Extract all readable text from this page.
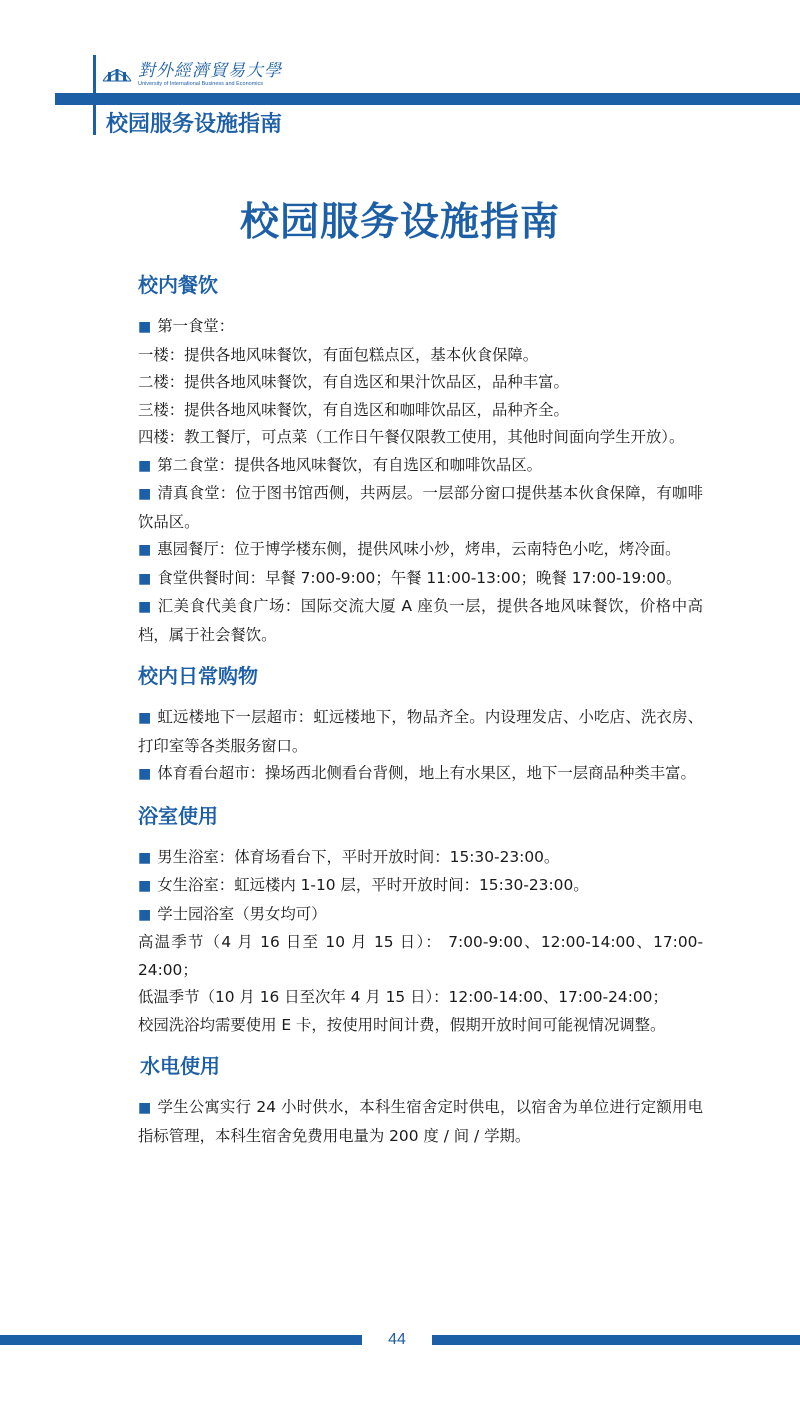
對外經濟貿易大學
University of International Business and Economics
校园服务设施指南
校园服务设施指南
校内餐饮

■ 第一食堂：

一楼：提供各地风味餐饮，有面包糕点区，基本伙食保障。

二楼：提供各地风味餐饮，有自选区和果汁饮品区，品种丰富。

三楼：提供各地风味餐饮，有自选区和咖啡饮品区，品种齐全。

四楼：教工餐厅，可点菜（工作日午餐仅限教工使用，其他时间面向学生开放）。

■ 第二食堂：提供各地风味餐饮，有自选区和咖啡饮品区。

■ 清真食堂：位于图书馆西侧，共两层。一层部分窗口提供基本伙食保障，有咖啡饮品区。

■ 惠园餐厅：位于博学楼东侧，提供风味小炒，烤串，云南特色小吃，烤冷面。

■ 食堂供餐时间：早餐 7:00-9:00；午餐 11:00-13:00；晚餐 17:00-19:00。

■ 汇美食代美食广场：国际交流大厦 A 座负一层，提供各地风味餐饮，价格中高档，属于社会餐饮。

校内日常购物

■ 虹远楼地下一层超市：虹远楼地下，物品齐全。内设理发店、小吃店、洗衣房、打印室等各类服务窗口。

■ 体育看台超市：操场西北侧看台背侧，地上有水果区，地下一层商品种类丰富。

浴室使用

■ 男生浴室：体育场看台下，平时开放时间：15:30-23:00。

■ 女生浴室：虹远楼内 1-10 层，平时开放时间：15:30-23:00。

■ 学士园浴室（男女均可）

高温季节（4 月 16 日至 10 月 15 日）： 7:00-9:00、12:00-14:00、17:00-24:00；

低温季节（10 月 16 日至次年 4 月 15 日）：12:00-14:00、17:00-24:00；

校园洗浴均需要使用 E 卡，按使用时间计费，假期开放时间可能视情况调整。

水电使用

■ 学生公寓实行 24 小时供水，本科生宿舍定时供电，以宿舍为单位进行定额用电指标管理，本科生宿舍免费用电量为 200 度 / 间 / 学期。

44
